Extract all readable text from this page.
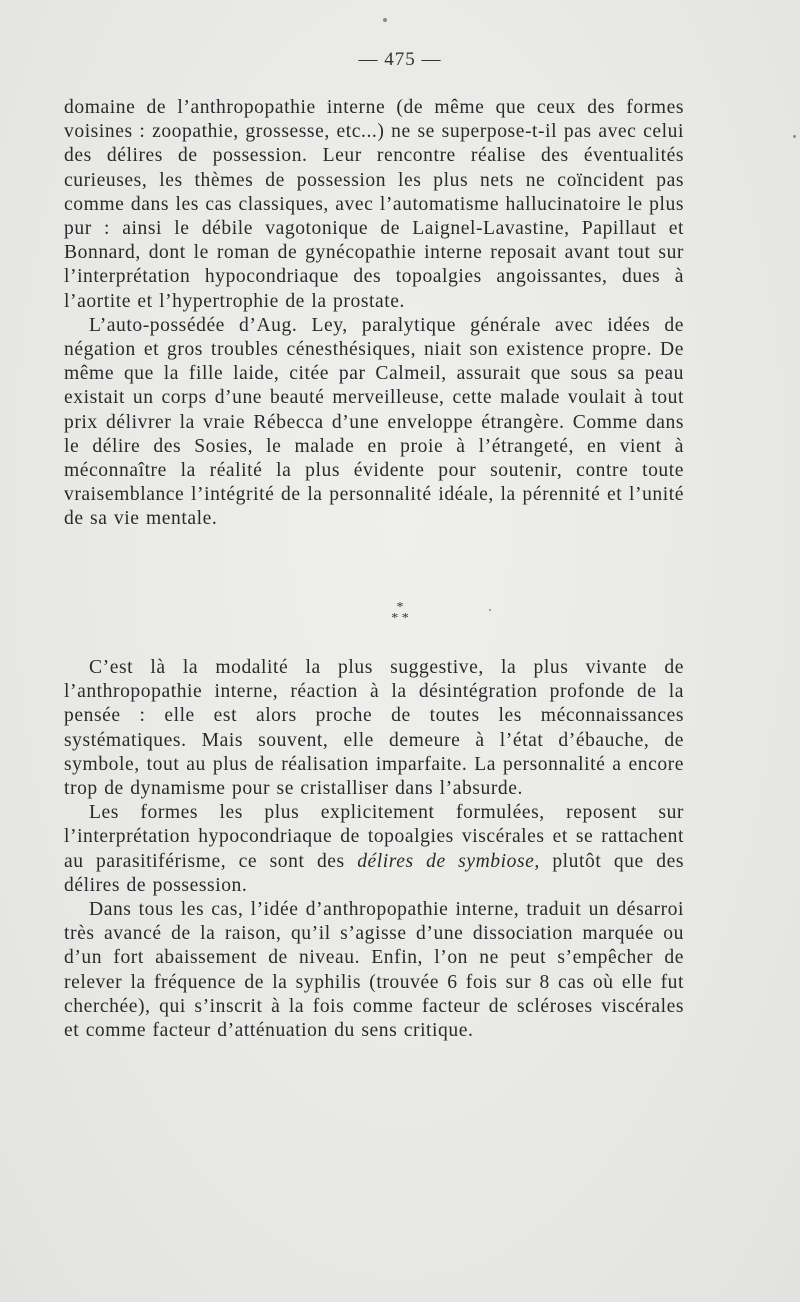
— 475 —

domaine de l’anthropopathie interne (de même que ceux des formes voisines : zoopathie, grossesse, etc...) ne se superpose-t-il pas avec celui des délires de possession. Leur rencontre réalise des éventualités curieuses, les thèmes de possession les plus nets ne coïncident pas comme dans les cas classiques, avec l’automatisme hallucinatoire le plus pur : ainsi le débile vagotonique de Laignel-Lavastine, Papillaut et Bonnard, dont le roman de gynécopathie interne reposait avant tout sur l’interprétation hypocondriaque des topoalgies angoissantes, dues à l’aortite et l’hypertrophie de la prostate.

L’auto-possédée d’Aug. Ley, paralytique générale avec idées de négation et gros troubles cénesthésiques, niait son existence propre. De même que la fille laide, citée par Calmeil, assurait que sous sa peau existait un corps d’une beauté merveilleuse, cette malade voulait à tout prix délivrer la vraie Rébecca d’une enveloppe étrangère. Comme dans le délire des Sosies, le malade en proie à l’étrangeté, en vient à méconnaître la réalité la plus évidente pour soutenir, contre toute vraisemblance l’intégrité de la personnalité idéale, la pérennité et l’unité de sa vie mentale.

*
* *

C’est là la modalité la plus suggestive, la plus vivante de l’anthropopathie interne, réaction à la désintégration profonde de la pensée : elle est alors proche de toutes les méconnaissances systématiques. Mais souvent, elle demeure à l’état d’ébauche, de symbole, tout au plus de réalisation imparfaite. La personnalité a encore trop de dynamisme pour se cristalliser dans l’absurde.

Les formes les plus explicitement formulées, reposent sur l’interprétation hypocondriaque de topoalgies viscérales et se rattachent au parasitiférisme, ce sont des délires de symbiose, plutôt que des délires de possession.

Dans tous les cas, l’idée d’anthropopathie interne, traduit un désarroi très avancé de la raison, qu’il s’agisse d’une dissociation marquée ou d’un fort abaissement de niveau. Enfin, l’on ne peut s’empêcher de relever la fréquence de la syphilis (trouvée 6 fois sur 8 cas où elle fut cherchée), qui s’inscrit à la fois comme facteur de scléroses viscérales et comme facteur d’atténuation du sens critique.
